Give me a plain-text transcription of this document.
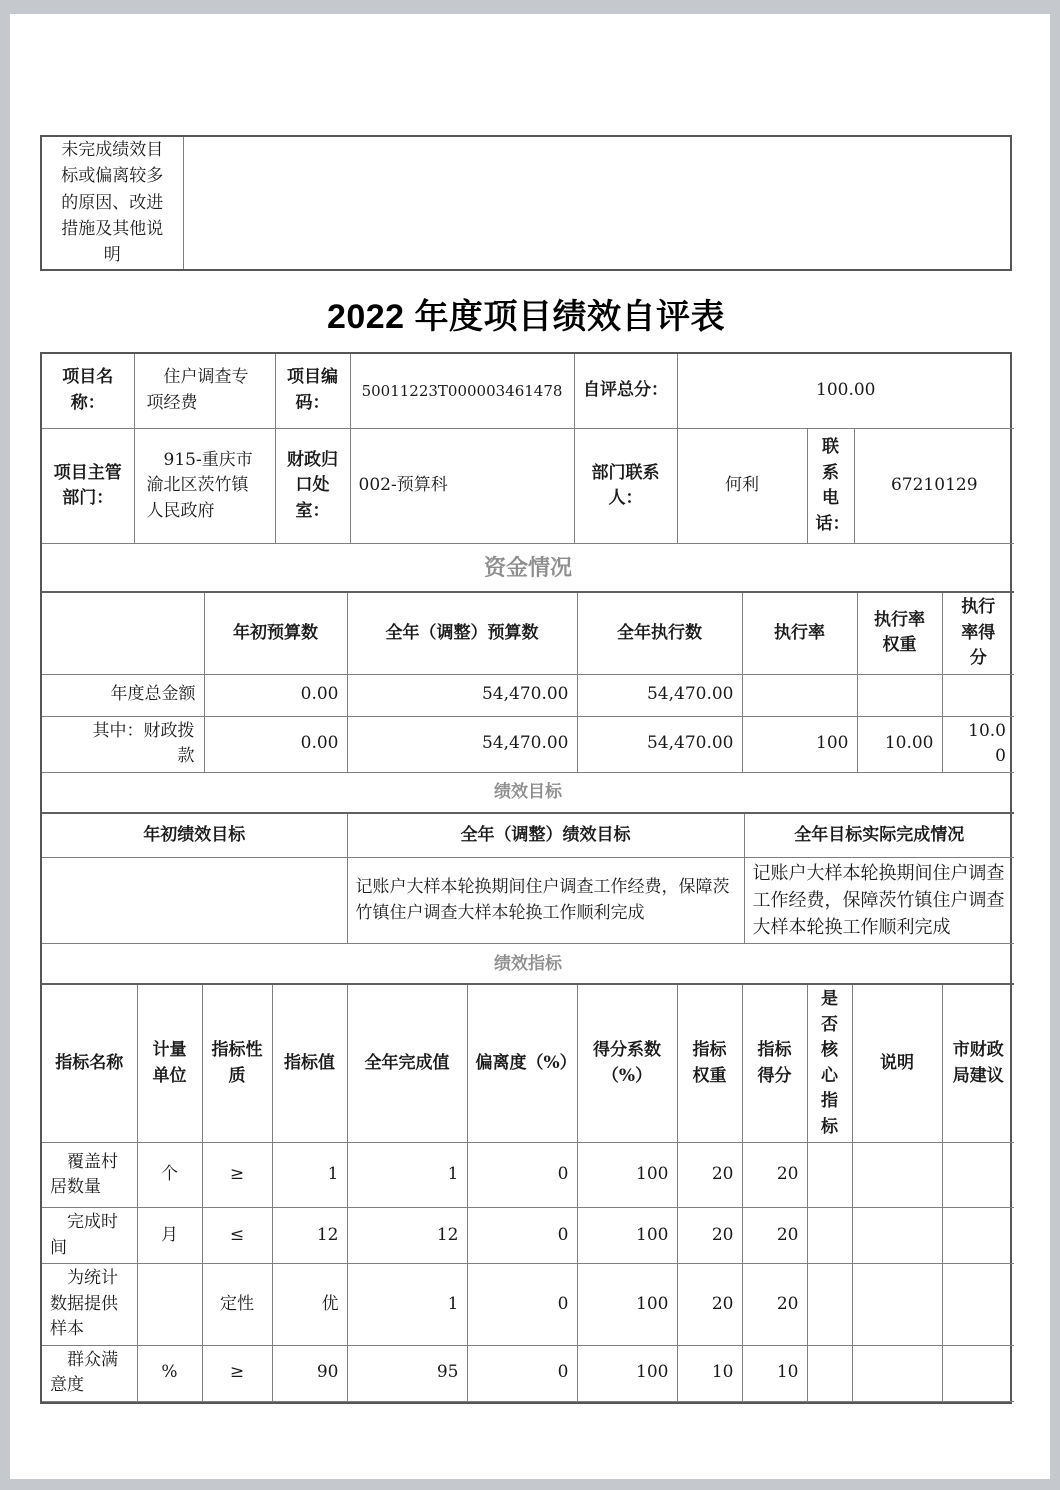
未完成绩效目标或偏离较多的原因、改进措施及其他说明	
2022 年度项目绩效自评表
项目名称：	住户调查专项经费	项目编码：	50011223T000003461478	自评总分：	100.00		
项目主管部门：	915-重庆市渝北区茨竹镇人民政府	财政归口处室：	002-预算科	部门联系人：	何利	联系电话：	67210129
资金情况						
	年初预算数	全年（调整）预算数	全年执行数	执行率	执行率权重	执行率得分
年度总金额	0.00	54,470.00	54,470.00			
其中：财政拨款	0.00	54,470.00	54,470.00	100	10.00	10.00
绩效目标		
年初绩效目标	全年（调整）绩效目标	全年目标实际完成情况
	记账户大样本轮换期间住户调查工作经费，保障茨竹镇住户调查大样本轮换工作顺利完成	记账户大样本轮换期间住户调查工作经费，保障茨竹镇住户调查大样本轮换工作顺利完成
绩效指标											
指标名称	计量单位	指标性质	指标值	全年完成值	偏离度（%）	得分系数（%）	指标权重	指标得分	是否核心指标	说明	市财政局建议
覆盖村居数量	个	≥	1	1	0	100	20	20			
完成时间	月	≤	12	12	0	100	20	20			
为统计数据提供样本		定性	优	1	0	100	20	20			
群众满意度	%	≥	90	95	0	100	10	10			
